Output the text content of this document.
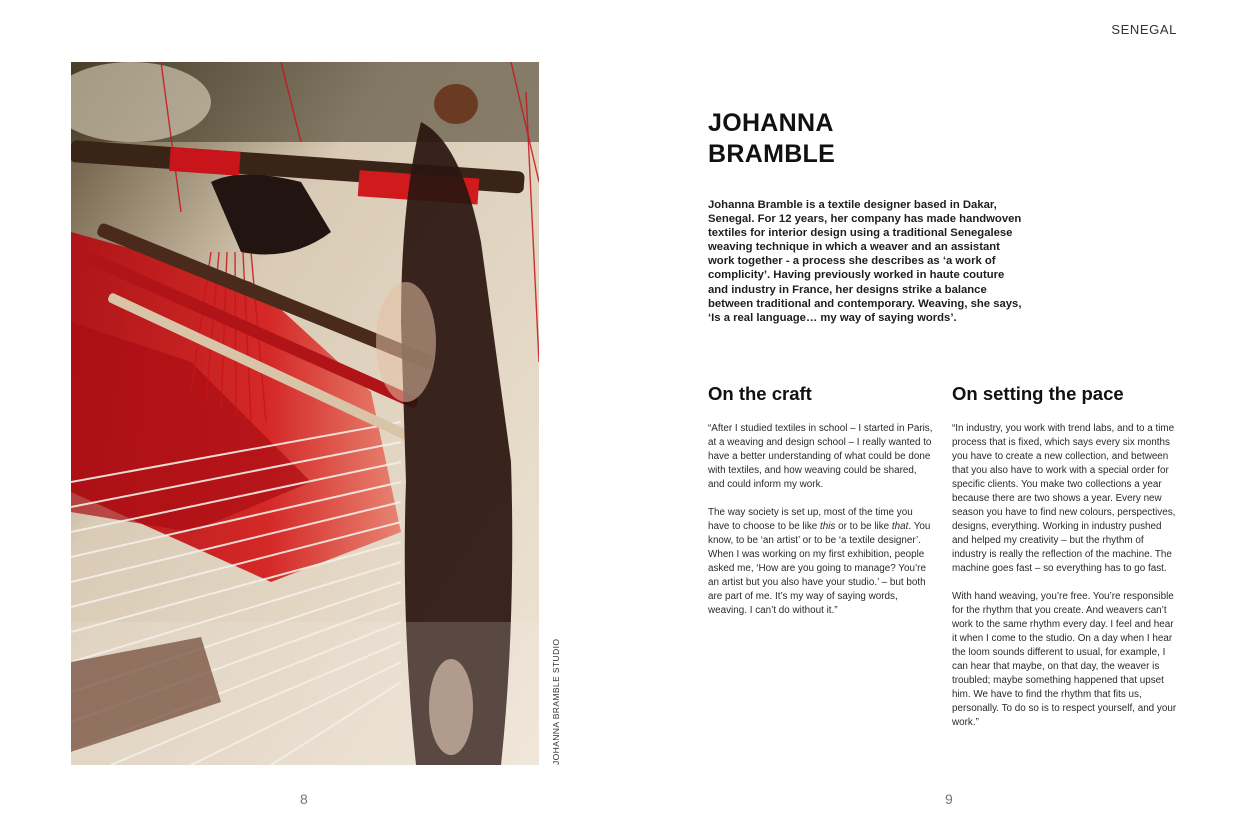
SENEGAL
JOHANNA BRAMBLE STUDIO
8	9
JOHANNA
BRAMBLE

Johanna Bramble is a textile designer based in Dakar, Senegal. For 12 years, her company has made handwoven textiles for interior design using a traditional Senegalese weaving technique in which a weaver and an assistant work together - a process she describes as ‘a work of complicity’. Having previously worked in haute couture and industry in France, her designs strike a balance between traditional and contemporary. Weaving, she says, ‘Is a real language… my way of saying words’.

On the craft

“After I studied textiles in school – I started in Paris, at a weaving and design school – I really wanted to have a better understanding of what could be done with textiles, and how weaving could be shared, and could inform my work.

The way society is set up, most of the time you have to choose to be like this or to be like that. You know, to be ‘an artist’ or to be ‘a textile designer’. When I was working on my first exhibition, people asked me, ‘How are you going to manage? You’re an artist but you also have your studio.’ – but both are part of me. It’s my way of saying words, weaving. I can’t do without it.”

On setting the pace

“In industry, you work with trend labs, and to a time process that is fixed, which says every six months you have to create a new collection, and between that you also have to work with a special order for specific clients. You make two collections a year because there are two shows a year. Every new season you have to find new colours, perspectives, designs, everything. Working in industry pushed and helped my creativity – but the rhythm of industry is really the reflection of the machine. The machine goes fast – so everything has to go fast.

With hand weaving, you’re free. You’re responsible for the rhythm that you create. And weavers can’t work to the same rhythm every day. I feel and hear it when I come to the studio. On a day when I hear the loom sounds different to usual, for example, I can hear that maybe, on that day, the weaver is troubled; maybe something happened that upset him. We have to find the rhythm that fits us, personally. To do so is to respect yourself, and your work.”
